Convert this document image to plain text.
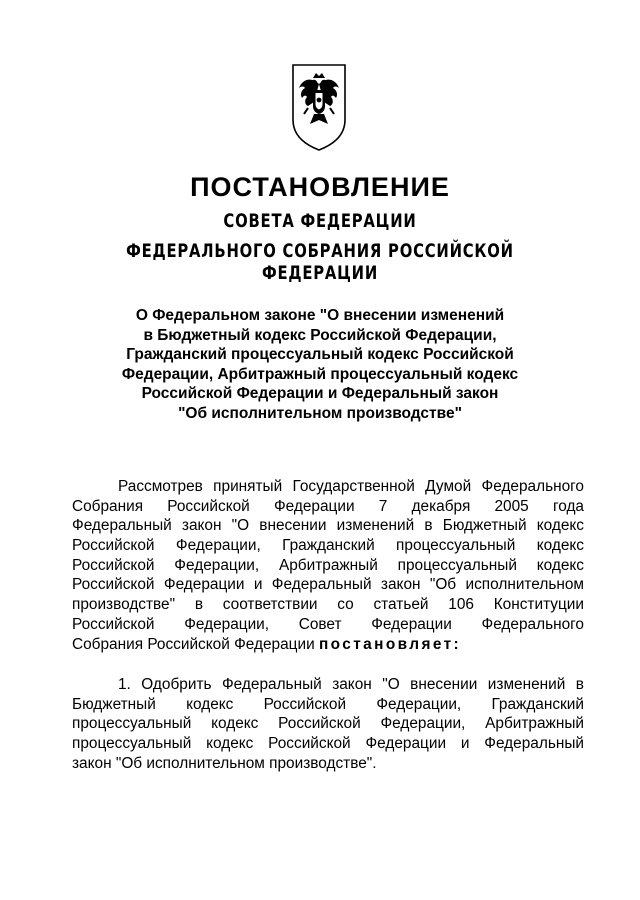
ПОСТАНОВЛЕНИЕ
СОВЕТА ФЕДЕРАЦИИ
ФЕДЕРАЛЬНОГО СОБРАНИЯ РОССИЙСКОЙ ФЕДЕРАЦИИ
О Федеральном законе "О внесении изменений
в Бюджетный кодекс Российской Федерации,
Гражданский процессуальный кодекс Российской
Федерации, Арбитражный процессуальный кодекс
Российской Федерации и Федеральный закон
"Об исполнительном производстве"
Рассмотрев принятый Государственной Думой Федерального
Собрания Российской Федерации 7 декабря 2005 года
Федеральный закон "О внесении изменений в Бюджетный кодекс
Российской Федерации, Гражданский процессуальный кодекс
Российской Федерации, Арбитражный процессуальный кодекс
Российской Федерации и Федеральный закон "Об исполнительном
производстве" в соответствии со статьей 106 Конституции
Российской Федерации, Совет Федерации Федерального
Собрания Российской Федерации постановляет:
1. Одобрить Федеральный закон "О внесении изменений в
Бюджетный кодекс Российской Федерации, Гражданский
процессуальный кодекс Российской Федерации, Арбитражный
процессуальный кодекс Российской Федерации и Федеральный
закон "Об исполнительном производстве".
